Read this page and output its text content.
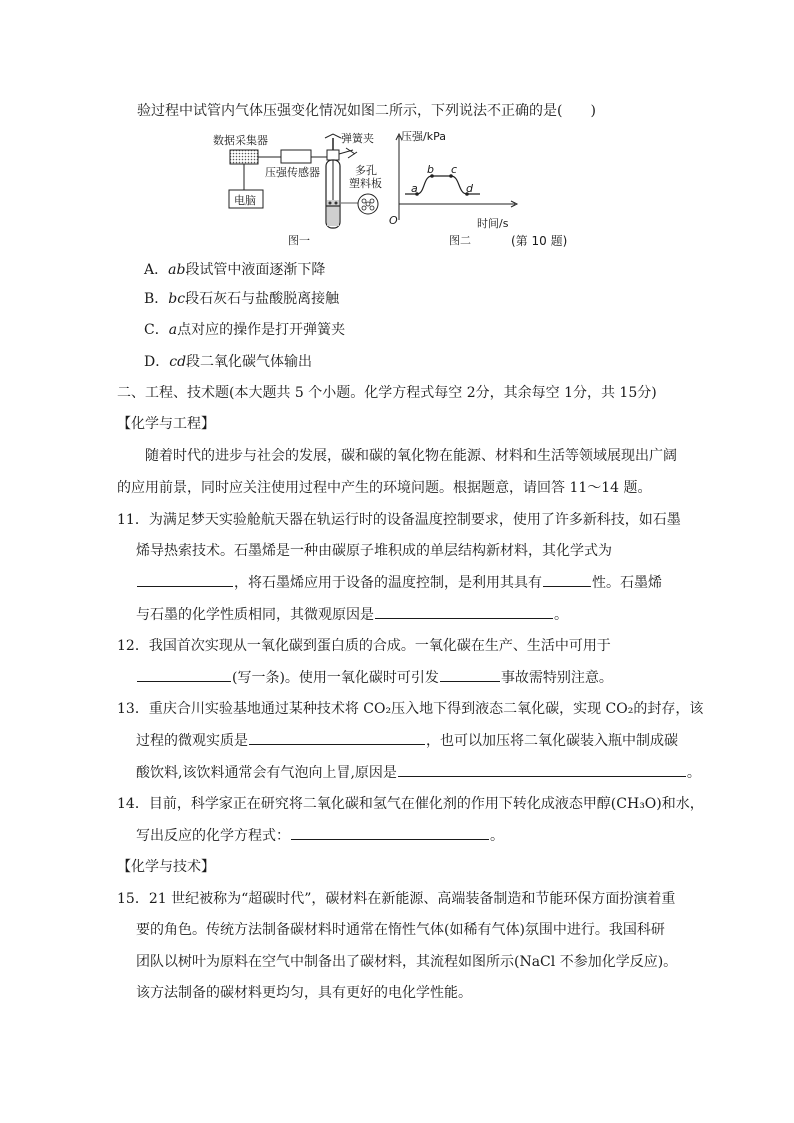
验过程中试管内气体压强变化情况如图二所示，下列说法不正确的是(　　)
数据采集器
电脑
压强传感器
弹簧夹
多孔
塑料板
图一
压强/kPa
时间/s
O
a
b c
d
图二	(第 10 题)
A．ab段试管中液面逐渐下降
B．bc段石灰石与盐酸脱离接触
C．a点对应的操作是打开弹簧夹
D．cd段二氧化碳气体输出
二、工程、技术题(本大题共 5 个小题。化学方程式每空 2分，其余每空 1分，共 15分)
【化学与工程】
随着时代的进步与社会的发展，碳和碳的氧化物在能源、材料和生活等领域展现出广阔
的应用前景，同时应关注使用过程中产生的环境问题。根据题意，请回答 11～14 题。
11．为满足梦天实验舱航天器在轨运行时的设备温度控制要求，使用了许多新科技，如石墨
烯导热索技术。石墨烯是一种由碳原子堆积成的单层结构新材料，其化学式为
，将石墨烯应用于设备的温度控制，是利用其具有	性。石墨烯
与石墨的化学性质相同，其微观原因是	。
12．我国首次实现从一氧化碳到蛋白质的合成。一氧化碳在生产、生活中可用于
(写一条)。使用一氧化碳时可引发	事故需特别注意。
13．重庆合川实验基地通过某种技术将 CO₂压入地下得到液态二氧化碳，实现 CO₂的封存，该
过程的微观实质是	，也可以加压将二氧化碳装入瓶中制成碳
酸饮料,该饮料通常会有气泡向上冒,原因是	。
14．目前，科学家正在研究将二氧化碳和氢气在催化剂的作用下转化成液态甲醇(CH₃O)和水，
写出反应的化学方程式：	。
【化学与技术】
15．21 世纪被称为“超碳时代”，碳材料在新能源、高端装备制造和节能环保方面扮演着重
要的角色。传统方法制备碳材料时通常在惰性气体(如稀有气体)氛围中进行。我国科研
团队以树叶为原料在空气中制备出了碳材料，其流程如图所示(NaCl 不参加化学反应)。
该方法制备的碳材料更均匀，具有更好的电化学性能。
